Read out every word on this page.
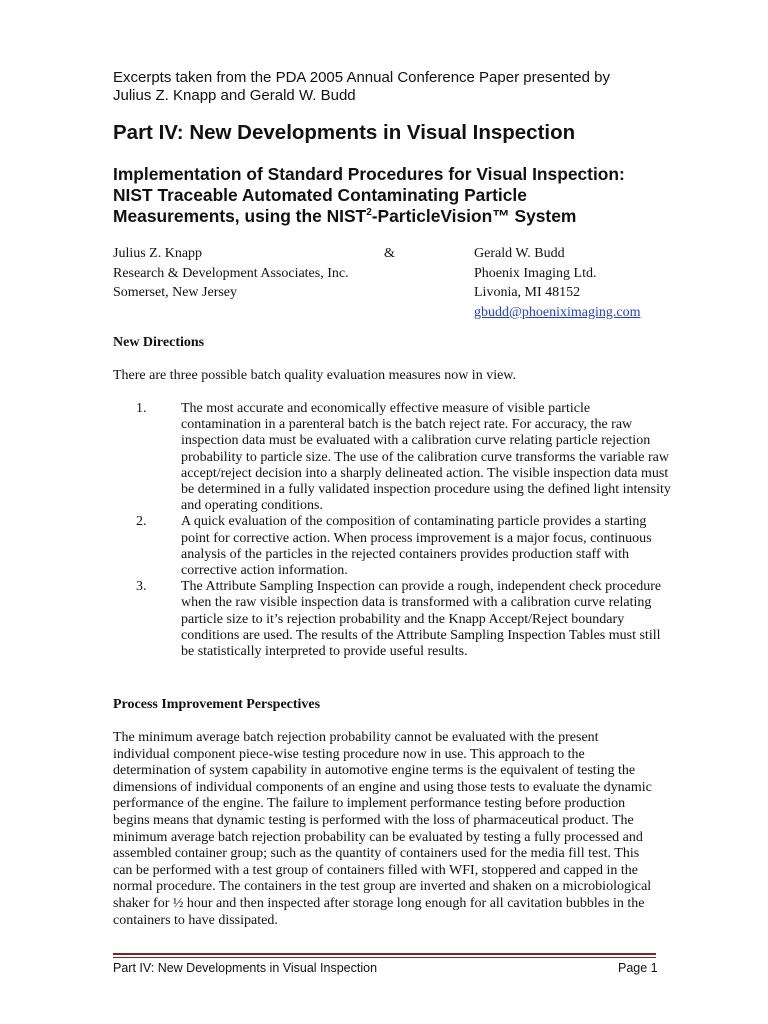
Excerpts taken from the PDA 2005 Annual Conference Paper presented by
Julius Z. Knapp and Gerald W. Budd
Part IV: New Developments in Visual Inspection
Implementation of Standard Procedures for Visual Inspection:
NIST Traceable Automated Contaminating Particle
Measurements, using the NIST$^2$-ParticleVision™ System
Julius Z. Knapp
Research & Development Associates, Inc.
Somerset, New Jersey
&	Gerald W. Budd
Phoenix Imaging Ltd.
Livonia, MI 48152
gbudd@phoeniximaging.com
New Directions
There are three possible batch quality evaluation measures now in view.
1. The most accurate and economically effective measure of visible particle contamination in a parenteral batch is the batch reject rate. For accuracy, the raw inspection data must be evaluated with a calibration curve relating particle rejection probability to particle size. The use of the calibration curve transforms the variable raw accept/reject decision into a sharply delineated action. The visible inspection data must be determined in a fully validated inspection procedure using the defined light intensity and operating conditions.
2. A quick evaluation of the composition of contaminating particle provides a starting point for corrective action. When process improvement is a major focus, continuous analysis of the particles in the rejected containers provides production staff with corrective action information.
3. The Attribute Sampling Inspection can provide a rough, independent check procedure when the raw visible inspection data is transformed with a calibration curve relating particle size to it’s rejection probability and the Knapp Accept/Reject boundary conditions are used. The results of the Attribute Sampling Inspection Tables must still be statistically interpreted to provide useful results.
Process Improvement Perspectives

The minimum average batch rejection probability cannot be evaluated with the present individual component piece-wise testing procedure now in use. This approach to the determination of system capability in automotive engine terms is the equivalent of testing the dimensions of individual components of an engine and using those tests to evaluate the dynamic performance of the engine. The failure to implement performance testing before production begins means that dynamic testing is performed with the loss of pharmaceutical product. The minimum average batch rejection probability can be evaluated by testing a fully processed and assembled container group; such as the quantity of containers used for the media fill test. This can be performed with a test group of containers filled with WFI, stoppered and capped in the normal procedure. The containers in the test group are inverted and shaken on a microbiological shaker for ½ hour and then inspected after storage long enough for all cavitation bubbles in the containers to have dissipated.

Part IV: New Developments in Visual Inspection	Page 1
